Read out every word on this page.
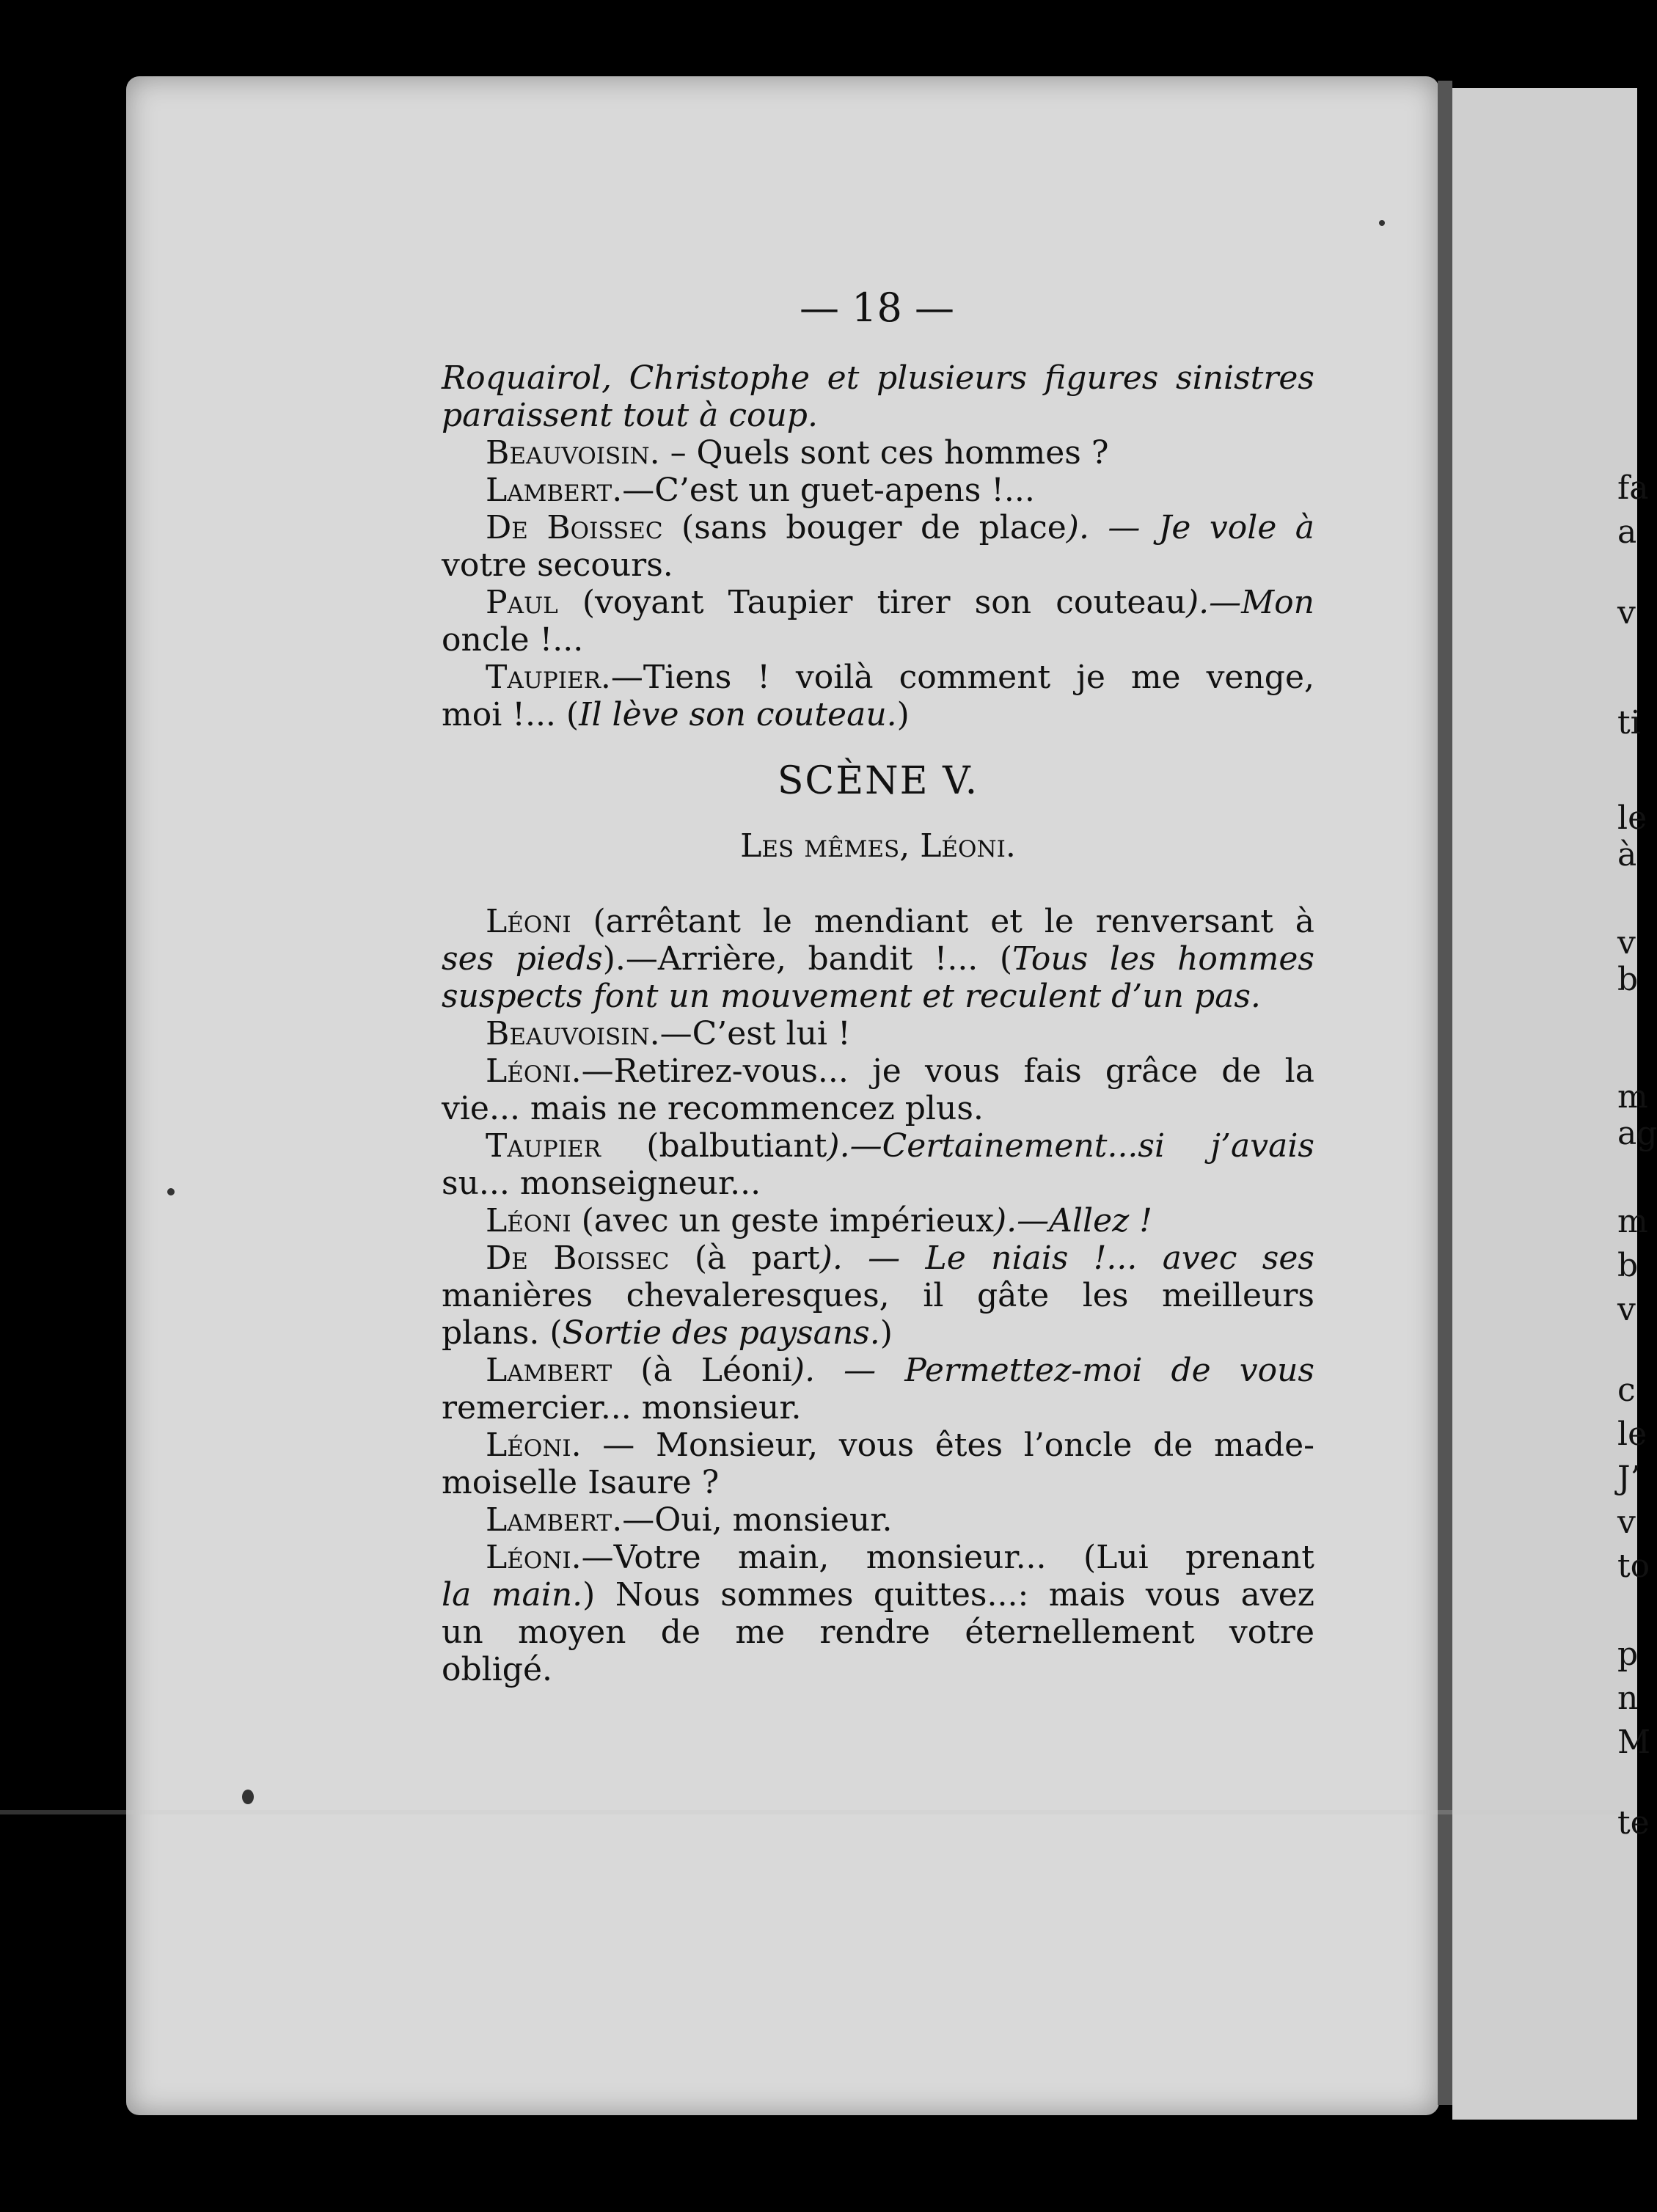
— 18 —
Roquairol, Christophe et plusieurs figures sinistres
paraissent tout à coup.
Beauvoisin. – Quels sont ces hommes ?
Lambert.—C’est un guet-apens !...
De Boissec (sans bouger de place). — Je vole à
votre secours.
Paul (voyant Taupier tirer son couteau).—Mon
oncle !...
Taupier.—Tiens ! voilà comment je me venge,
moi !... (Il lève son couteau.)
SCÈNE V.
Les mêmes, Léoni.
Léoni (arrêtant le mendiant et le renversant à
ses pieds).—Arrière, bandit !... (Tous les hommes
suspects font un mouvement et reculent d’un pas.
Beauvoisin.—C’est lui !
Léoni.—Retirez-vous... je vous fais grâce de la
vie... mais ne recommencez plus.
Taupier (balbutiant).—Certainement...si j’avais
su... monseigneur...
Léoni (avec un geste impérieux).—Allez !
De Boissec (à part). — Le niais !... avec ses
manières chevaleresques, il gâte les meilleurs
plans. (Sortie des paysans.)
Lambert (à Léoni). — Permettez-moi de vous
remercier... monsieur.
Léoni. — Monsieur, vous êtes l’oncle de made-
moiselle Isaure ?
Lambert.—Oui, monsieur.
Léoni.—Votre main, monsieur... (Lui prenant
la main.) Nous sommes quittes...: mais vous avez
un moyen de me rendre éternellement votre
obligé.
fa
a
v
ti
le
à
v
b
m
ag
m
b
v
c
le
J’
v
to
p
n
M
te
